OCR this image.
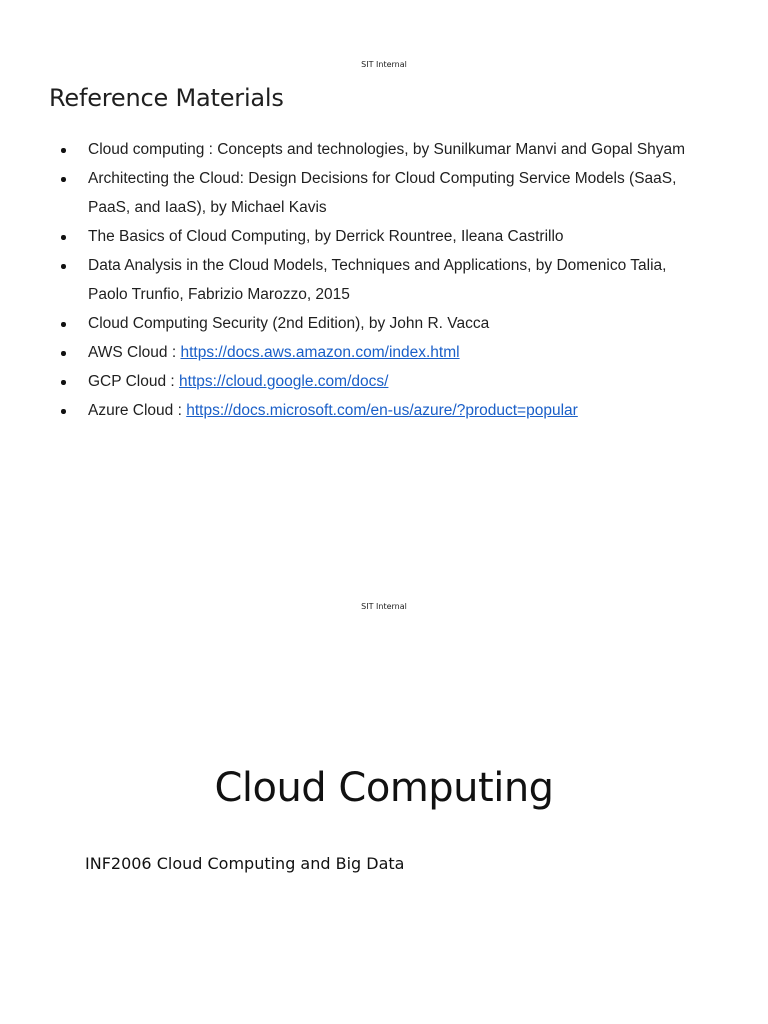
SIT Internal
Reference Materials
Cloud computing : Concepts and technologies, by Sunilkumar Manvi and Gopal Shyam
Architecting the Cloud: Design Decisions for Cloud Computing Service Models (SaaS, PaaS, and IaaS), by Michael Kavis
The Basics of Cloud Computing, by Derrick Rountree, Ileana Castrillo
Data Analysis in the Cloud Models, Techniques and Applications, by Domenico Talia, Paolo Trunfio, Fabrizio Marozzo, 2015
Cloud Computing Security (2nd Edition), by John R. Vacca
AWS Cloud : https://docs.aws.amazon.com/index.html
GCP Cloud : https://cloud.google.com/docs/
Azure Cloud : https://docs.microsoft.com/en-us/azure/?product=popular
SIT Internal
Cloud Computing

INF2006 Cloud Computing and Big Data
